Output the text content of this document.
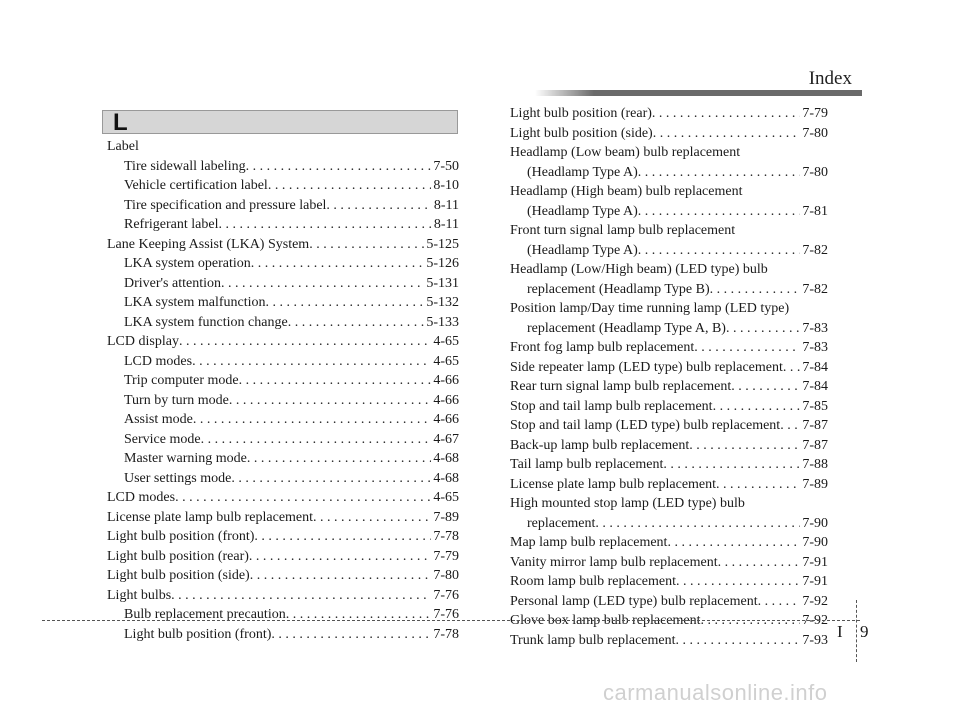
Index
L
Label
Tire sidewall labeling . . .	7-50
Vehicle certification label . . .	8-10
Tire specification and pressure label . . .	8-11
Refrigerant label . . .	8-11
Lane Keeping Assist (LKA) System . . .	5-125
LKA system operation . . .	5-126
Driver's attention . . .	5-131
LKA system malfunction . . .	5-132
LKA system function change . . .	5-133
LCD display . . .	4-65
LCD modes . . .	4-65
Trip computer mode . . .	4-66
Turn by turn mode . . .	4-66
Assist mode . . .	4-66
Service mode . . .	4-67
Master warning mode . . .	4-68
User settings mode . . .	4-68
LCD modes . . .	4-65
License plate lamp bulb replacement . . .	7-89
Light bulb position (front) . . .	7-78
Light bulb position (rear) . . .	7-79
Light bulb position (side) . . .	7-80
Light bulbs . . .	7-76
Bulb replacement precaution . . .	7-76
Light bulb position (front) . . .	7-78
Light bulb position (rear) . . .	7-79
Light bulb position (side) . . .	7-80
Headlamp (Low beam) bulb replacement
(Headlamp Type A) . . .	7-80
Headlamp (High beam) bulb replacement
(Headlamp Type A) . . .	7-81
Front turn signal lamp bulb replacement
(Headlamp Type A) . . .	7-82
Headlamp (Low/High beam) (LED type) bulb
replacement (Headlamp Type B) . . .	7-82
Position lamp/Day time running lamp (LED type)
replacement (Headlamp Type A, B) . . .	7-83
Front fog lamp bulb replacement . . .	7-83
Side repeater lamp (LED type) bulb replacement . . . 7-84
Rear turn signal lamp bulb replacement . . .	7-84
Stop and tail lamp bulb replacement . . .	7-85
Stop and tail lamp (LED type) bulb replacement . . . 7-87
Back-up lamp bulb replacement . . .	7-87
Tail lamp bulb replacement . . .	7-88
License plate lamp bulb replacement . . .	7-89
High mounted stop lamp (LED type) bulb
replacement . . .	7-90
Map lamp bulb replacement . . .	7-90
Vanity mirror lamp bulb replacement . . .	7-91
Room lamp bulb replacement . . .	7-91
Personal lamp (LED type) bulb replacement . . .	7-92
Glove box lamp bulb replacement . . .	7-92
Trunk lamp bulb replacement . . .	7-93 I 9
carmanualsonline.info
